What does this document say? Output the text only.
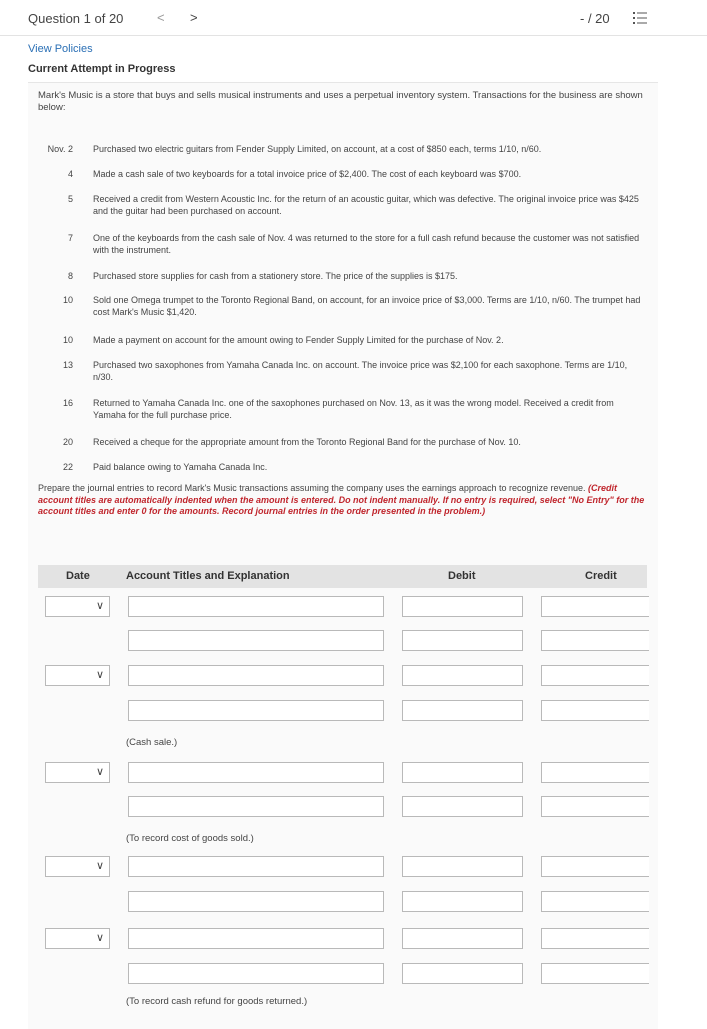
Question 1 of 20	< >	- / 20
View Policies
Current Attempt in Progress
Mark's Music is a store that buys and sells musical instruments and uses a perpetual inventory system. Transactions for the business are shown below:
Nov. 2 Purchased two electric guitars from Fender Supply Limited, on account, at a cost of $850 each, terms 1/10, n/60.
4 Made a cash sale of two keyboards for a total invoice price of $2,400. The cost of each keyboard was $700.
5 Received a credit from Western Acoustic Inc. for the return of an acoustic guitar, which was defective. The original invoice price was $425 and the guitar had been purchased on account.
7 One of the keyboards from the cash sale of Nov. 4 was returned to the store for a full cash refund because the customer was not satisfied with the instrument.
8 Purchased store supplies for cash from a stationery store. The price of the supplies is $175.
10 Sold one Omega trumpet to the Toronto Regional Band, on account, for an invoice price of $3,000. Terms are 1/10, n/60. The trumpet had cost Mark's Music $1,420.
10 Made a payment on account for the amount owing to Fender Supply Limited for the purchase of Nov. 2.
13 Purchased two saxophones from Yamaha Canada Inc. on account. The invoice price was $2,100 for each saxophone. Terms are 1/10, n/30.
16 Returned to Yamaha Canada Inc. one of the saxophones purchased on Nov. 13, as it was the wrong model. Received a credit from Yamaha for the full purchase price.
20 Received a cheque for the appropriate amount from the Toronto Regional Band for the purchase of Nov. 10.
22 Paid balance owing to Yamaha Canada Inc.
Prepare the journal entries to record Mark's Music transactions assuming the company uses the earnings approach to recognize revenue. (Credit account titles are automatically indented when the amount is entered. Do not indent manually. If no entry is required, select "No Entry" for the account titles and enter 0 for the amounts. Record journal entries in the order presented in the problem.)
Date	Account Titles and Explanation	Debit	Credit
∨
∨
(Cash sale.)
∨
(To record cost of goods sold.)
∨
∨
(To record cash refund for goods returned.)
